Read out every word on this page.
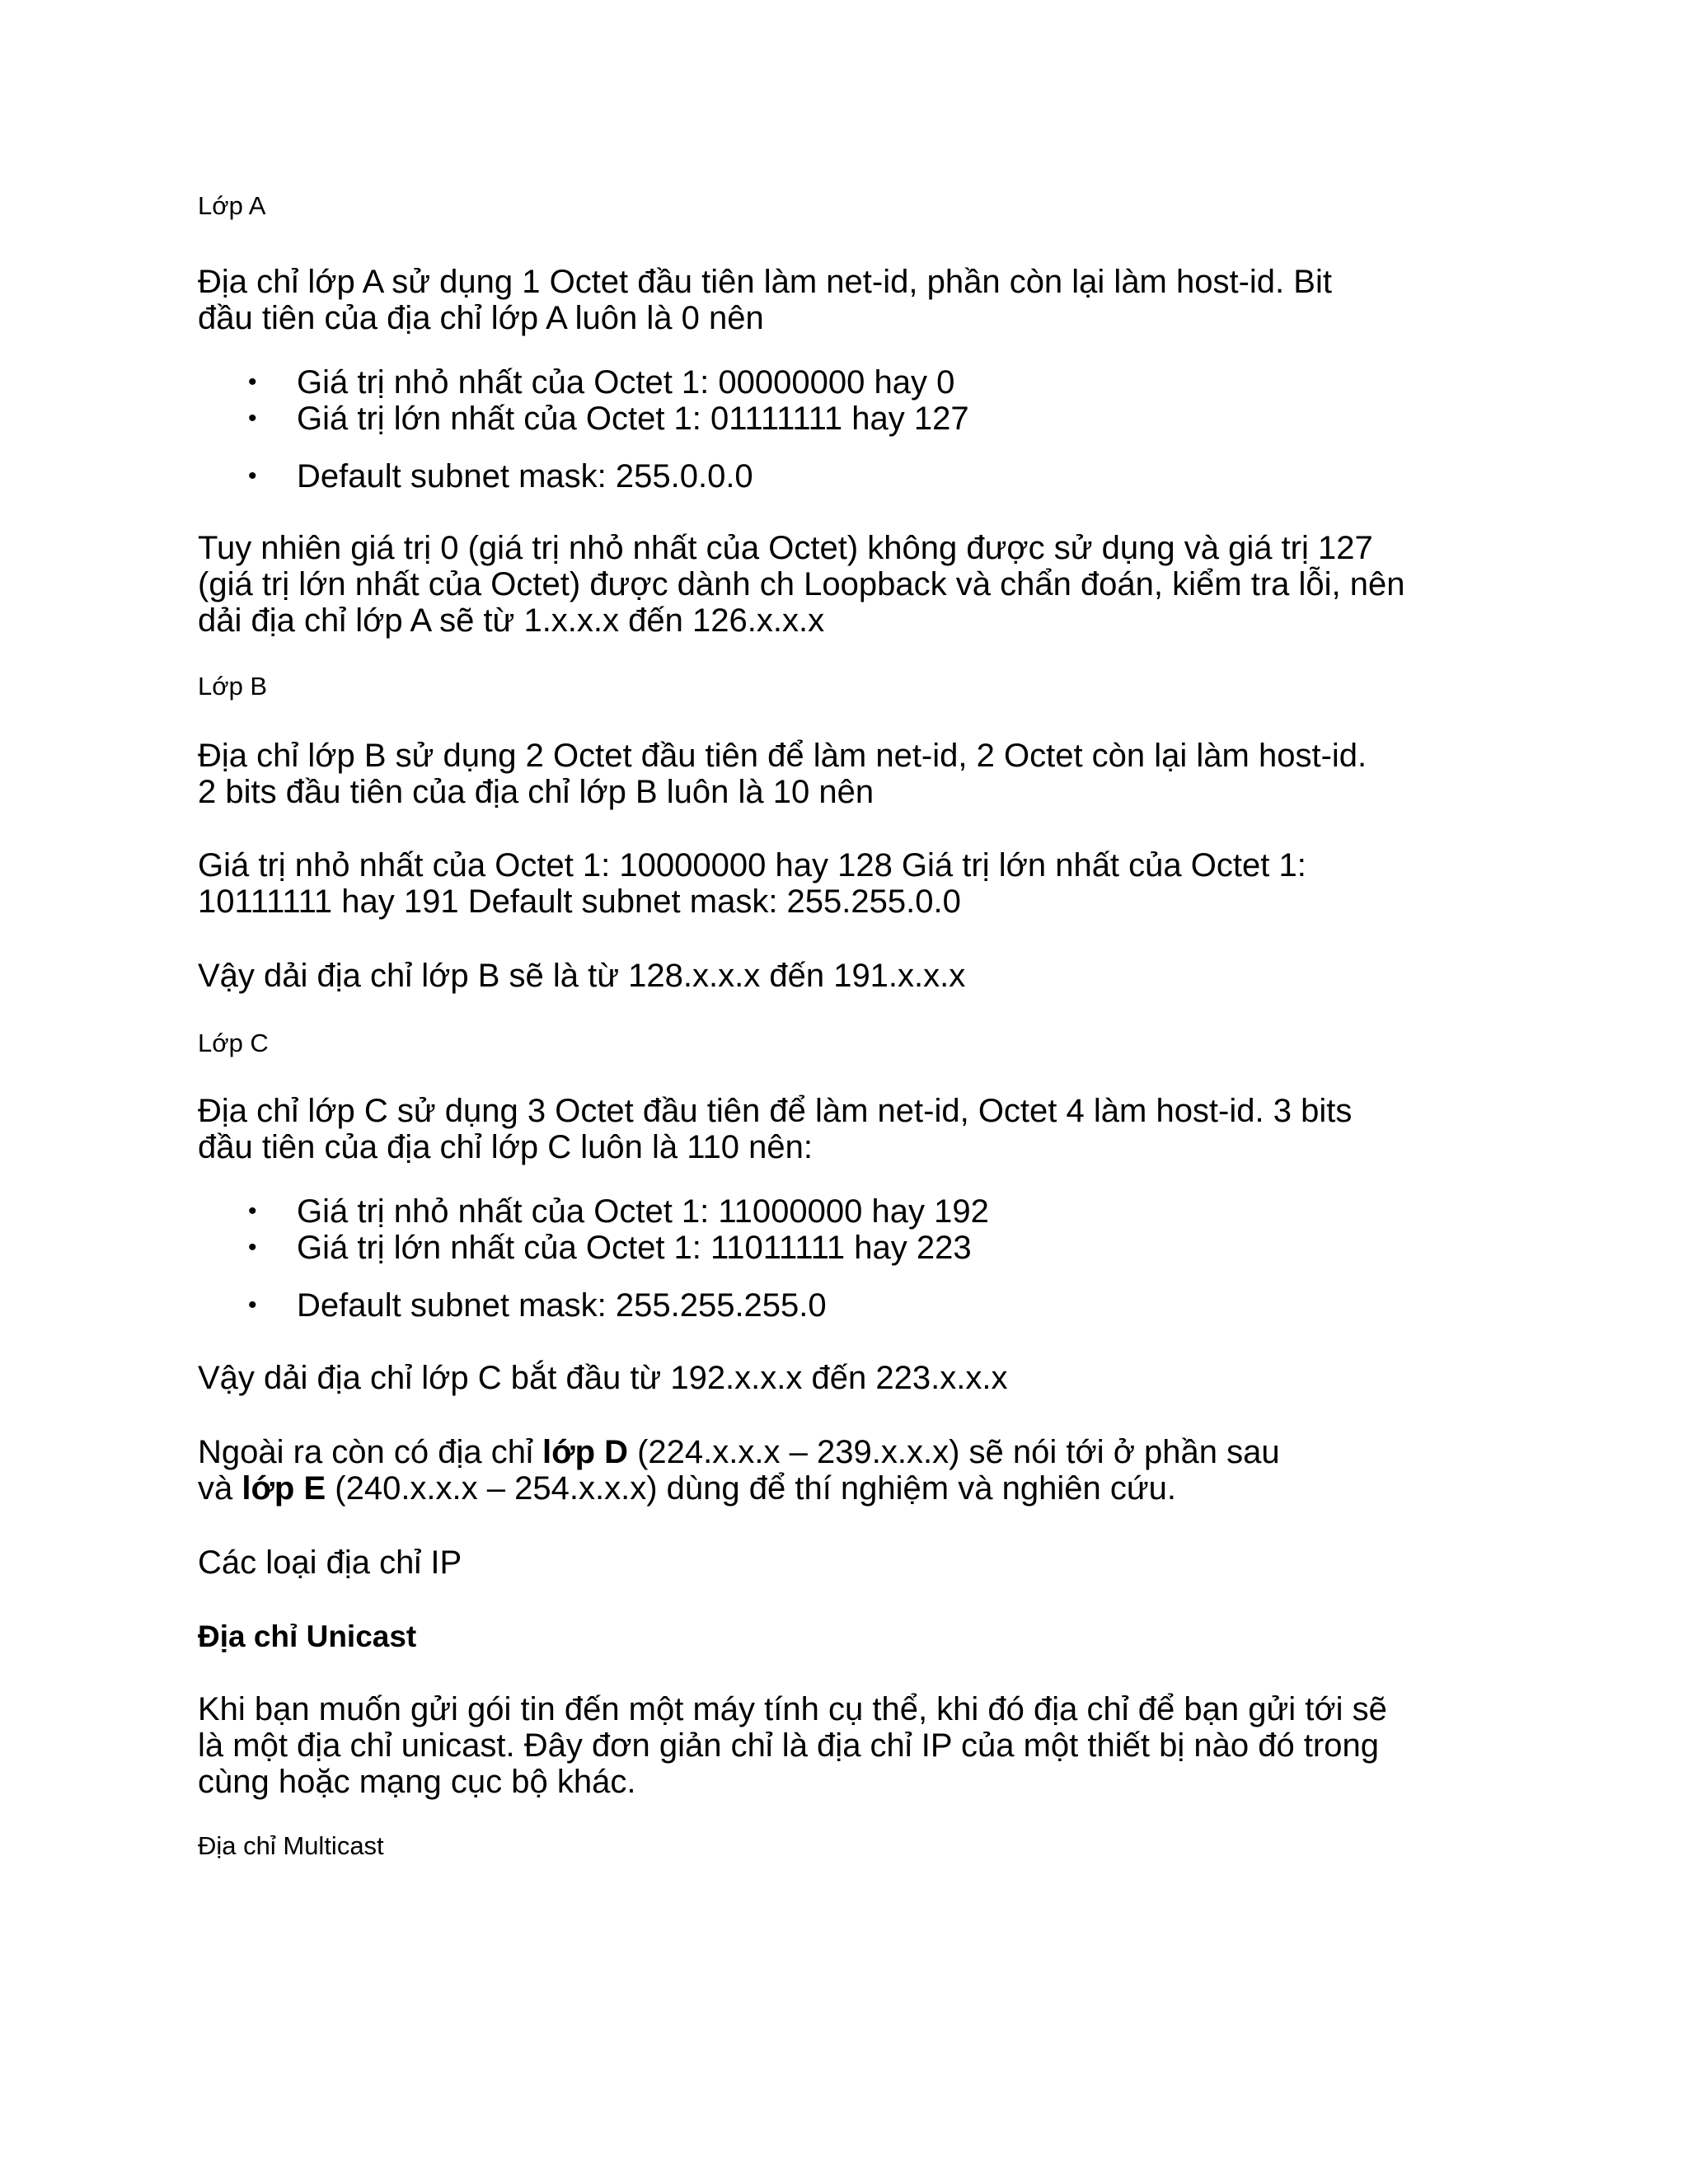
Lớp A

Địa chỉ lớp A sử dụng 1 Octet đầu tiên làm net-id, phần còn lại làm host-id. Bit

đầu tiên của địa chỉ lớp A luôn là 0 nên

• Giá trị nhỏ nhất của Octet 1: 00000000 hay 0
• Giá trị lớn nhất của Octet 1: 01111111 hay 127
• Default subnet mask: 255.0.0.0

Tuy nhiên giá trị 0 (giá trị nhỏ nhất của Octet) không được sử dụng và giá trị 127

(giá trị lớn nhất của Octet) được dành ch Loopback và chẩn đoán, kiểm tra lỗi, nên

dải địa chỉ lớp A sẽ từ 1.x.x.x đến 126.x.x.x

Lớp B

Địa chỉ lớp B sử dụng 2 Octet đầu tiên để làm net-id, 2 Octet còn lại làm host-id.

2 bits đầu tiên của địa chỉ lớp B luôn là 10 nên

Giá trị nhỏ nhất của Octet 1: 10000000 hay 128 Giá trị lớn nhất của Octet 1:

10111111 hay 191 Default subnet mask: 255.255.0.0

Vậy dải địa chỉ lớp B sẽ là từ 128.x.x.x đến 191.x.x.x

Lớp C

Địa chỉ lớp C sử dụng 3 Octet đầu tiên để làm net-id, Octet 4 làm host-id. 3 bits

đầu tiên của địa chỉ lớp C luôn là 110 nên:

• Giá trị nhỏ nhất của Octet 1: 11000000 hay 192
• Giá trị lớn nhất của Octet 1: 11011111 hay 223
• Default subnet mask: 255.255.255.0

Vậy dải địa chỉ lớp C bắt đầu từ 192.x.x.x đến 223.x.x.x

Ngoài ra còn có địa chỉ lớp D (224.x.x.x – 239.x.x.x) sẽ nói tới ở phần sau

và lớp E (240.x.x.x – 254.x.x.x) dùng để thí nghiệm và nghiên cứu.

Các loại địa chỉ IP

Địa chỉ Unicast

Khi bạn muốn gửi gói tin đến một máy tính cụ thể, khi đó địa chỉ để bạn gửi tới sẽ

là một địa chỉ unicast. Đây đơn giản chỉ là địa chỉ IP của một thiết bị nào đó trong

cùng hoặc mạng cục bộ khác.

Địa chỉ Multicast
